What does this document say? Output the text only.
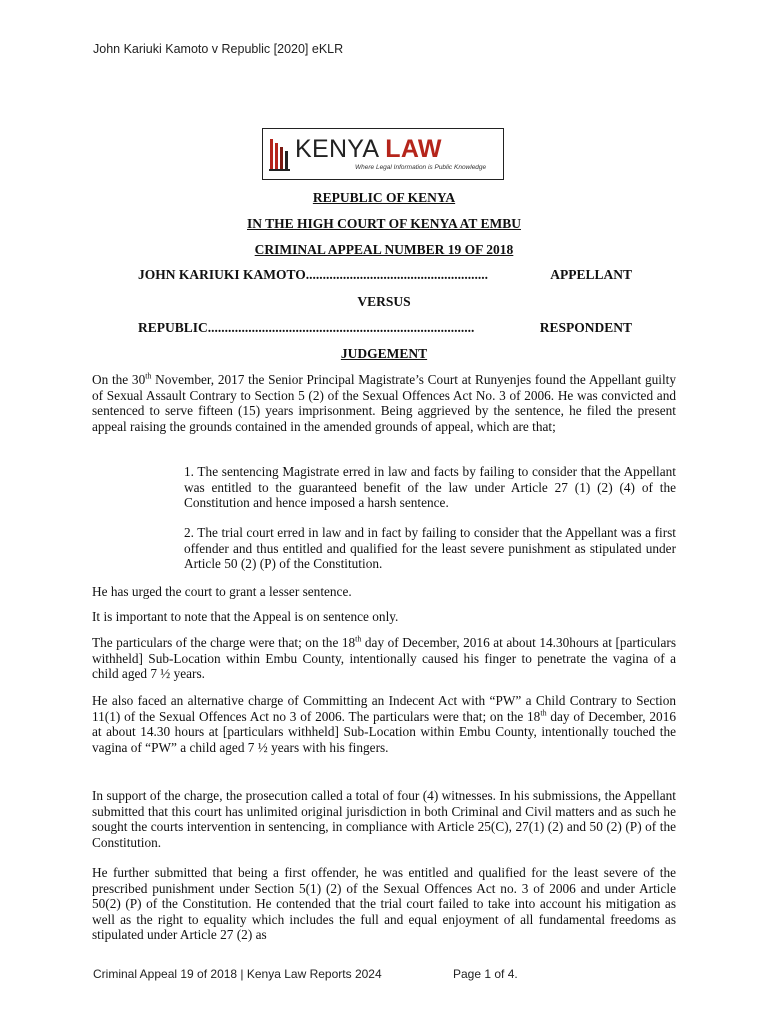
John Kariuki Kamoto v Republic [2020] eKLR
KENYA LAW
Where Legal Information is Public Knowledge
REPUBLIC OF KENYA
IN THE HIGH COURT OF KENYA AT EMBU
CRIMINAL APPEAL NUMBER 19 OF 2018
JOHN KARIUKI KAMOTO ......................................................	APPELLANT
VERSUS
REPUBLIC ...............................................................................	RESPONDENT
JUDGEMENT

On the 30th November, 2017 the Senior Principal Magistrate’s Court at Runyenjes found the Appellant guilty of Sexual Assault Contrary to Section 5 (2) of the Sexual Offences Act No. 3 of 2006. He was convicted and sentenced to serve fifteen (15) years imprisonment. Being aggrieved by the sentence, he filed the present appeal raising the grounds contained in the amended grounds of appeal, which are that;

1. The sentencing Magistrate erred in law and facts by failing to consider that the Appellant was entitled to the guaranteed benefit of the law under Article 27 (1) (2) (4) of the Constitution and hence imposed a harsh sentence.

2. The trial court erred in law and in fact by failing to consider that the Appellant was a first offender and thus entitled and qualified for the least severe punishment as stipulated under Article 50 (2) (P) of the Constitution.

He has urged the court to grant a lesser sentence.

It is important to note that the Appeal is on sentence only.

The particulars of the charge were that; on the 18th day of December, 2016 at about 14.30hours at [particulars withheld] Sub-Location within Embu County, intentionally caused his finger to penetrate the vagina of a child aged 7 ½ years.

He also faced an alternative charge of Committing an Indecent Act with “PW” a Child Contrary to Section 11(1) of the Sexual Offences Act no 3 of 2006. The particulars were that; on the 18th day of December, 2016 at about 14.30 hours at [particulars withheld] Sub-Location within Embu County, intentionally touched the vagina of “PW” a child aged 7 ½ years with his fingers.

In support of the charge, the prosecution called a total of four (4) witnesses. In his submissions, the Appellant submitted that this court has unlimited original jurisdiction in both Criminal and Civil matters and as such he sought the courts intervention in sentencing, in compliance with Article 25(C), 27(1) (2) and 50 (2) (P) of the Constitution.

He further submitted that being a first offender, he was entitled and qualified for the least severe of the prescribed punishment under Section 5(1) (2) of the Sexual Offences Act no. 3 of 2006 and under Article 50(2) (P) of the Constitution. He contended that the trial court failed to take into account his mitigation as well as the right to equality which includes the full and equal enjoyment of all fundamental freedoms as stipulated under Article 27 (2) as

Criminal Appeal 19 of 2018 | Kenya Law Reports 2024	Page 1 of 4.
